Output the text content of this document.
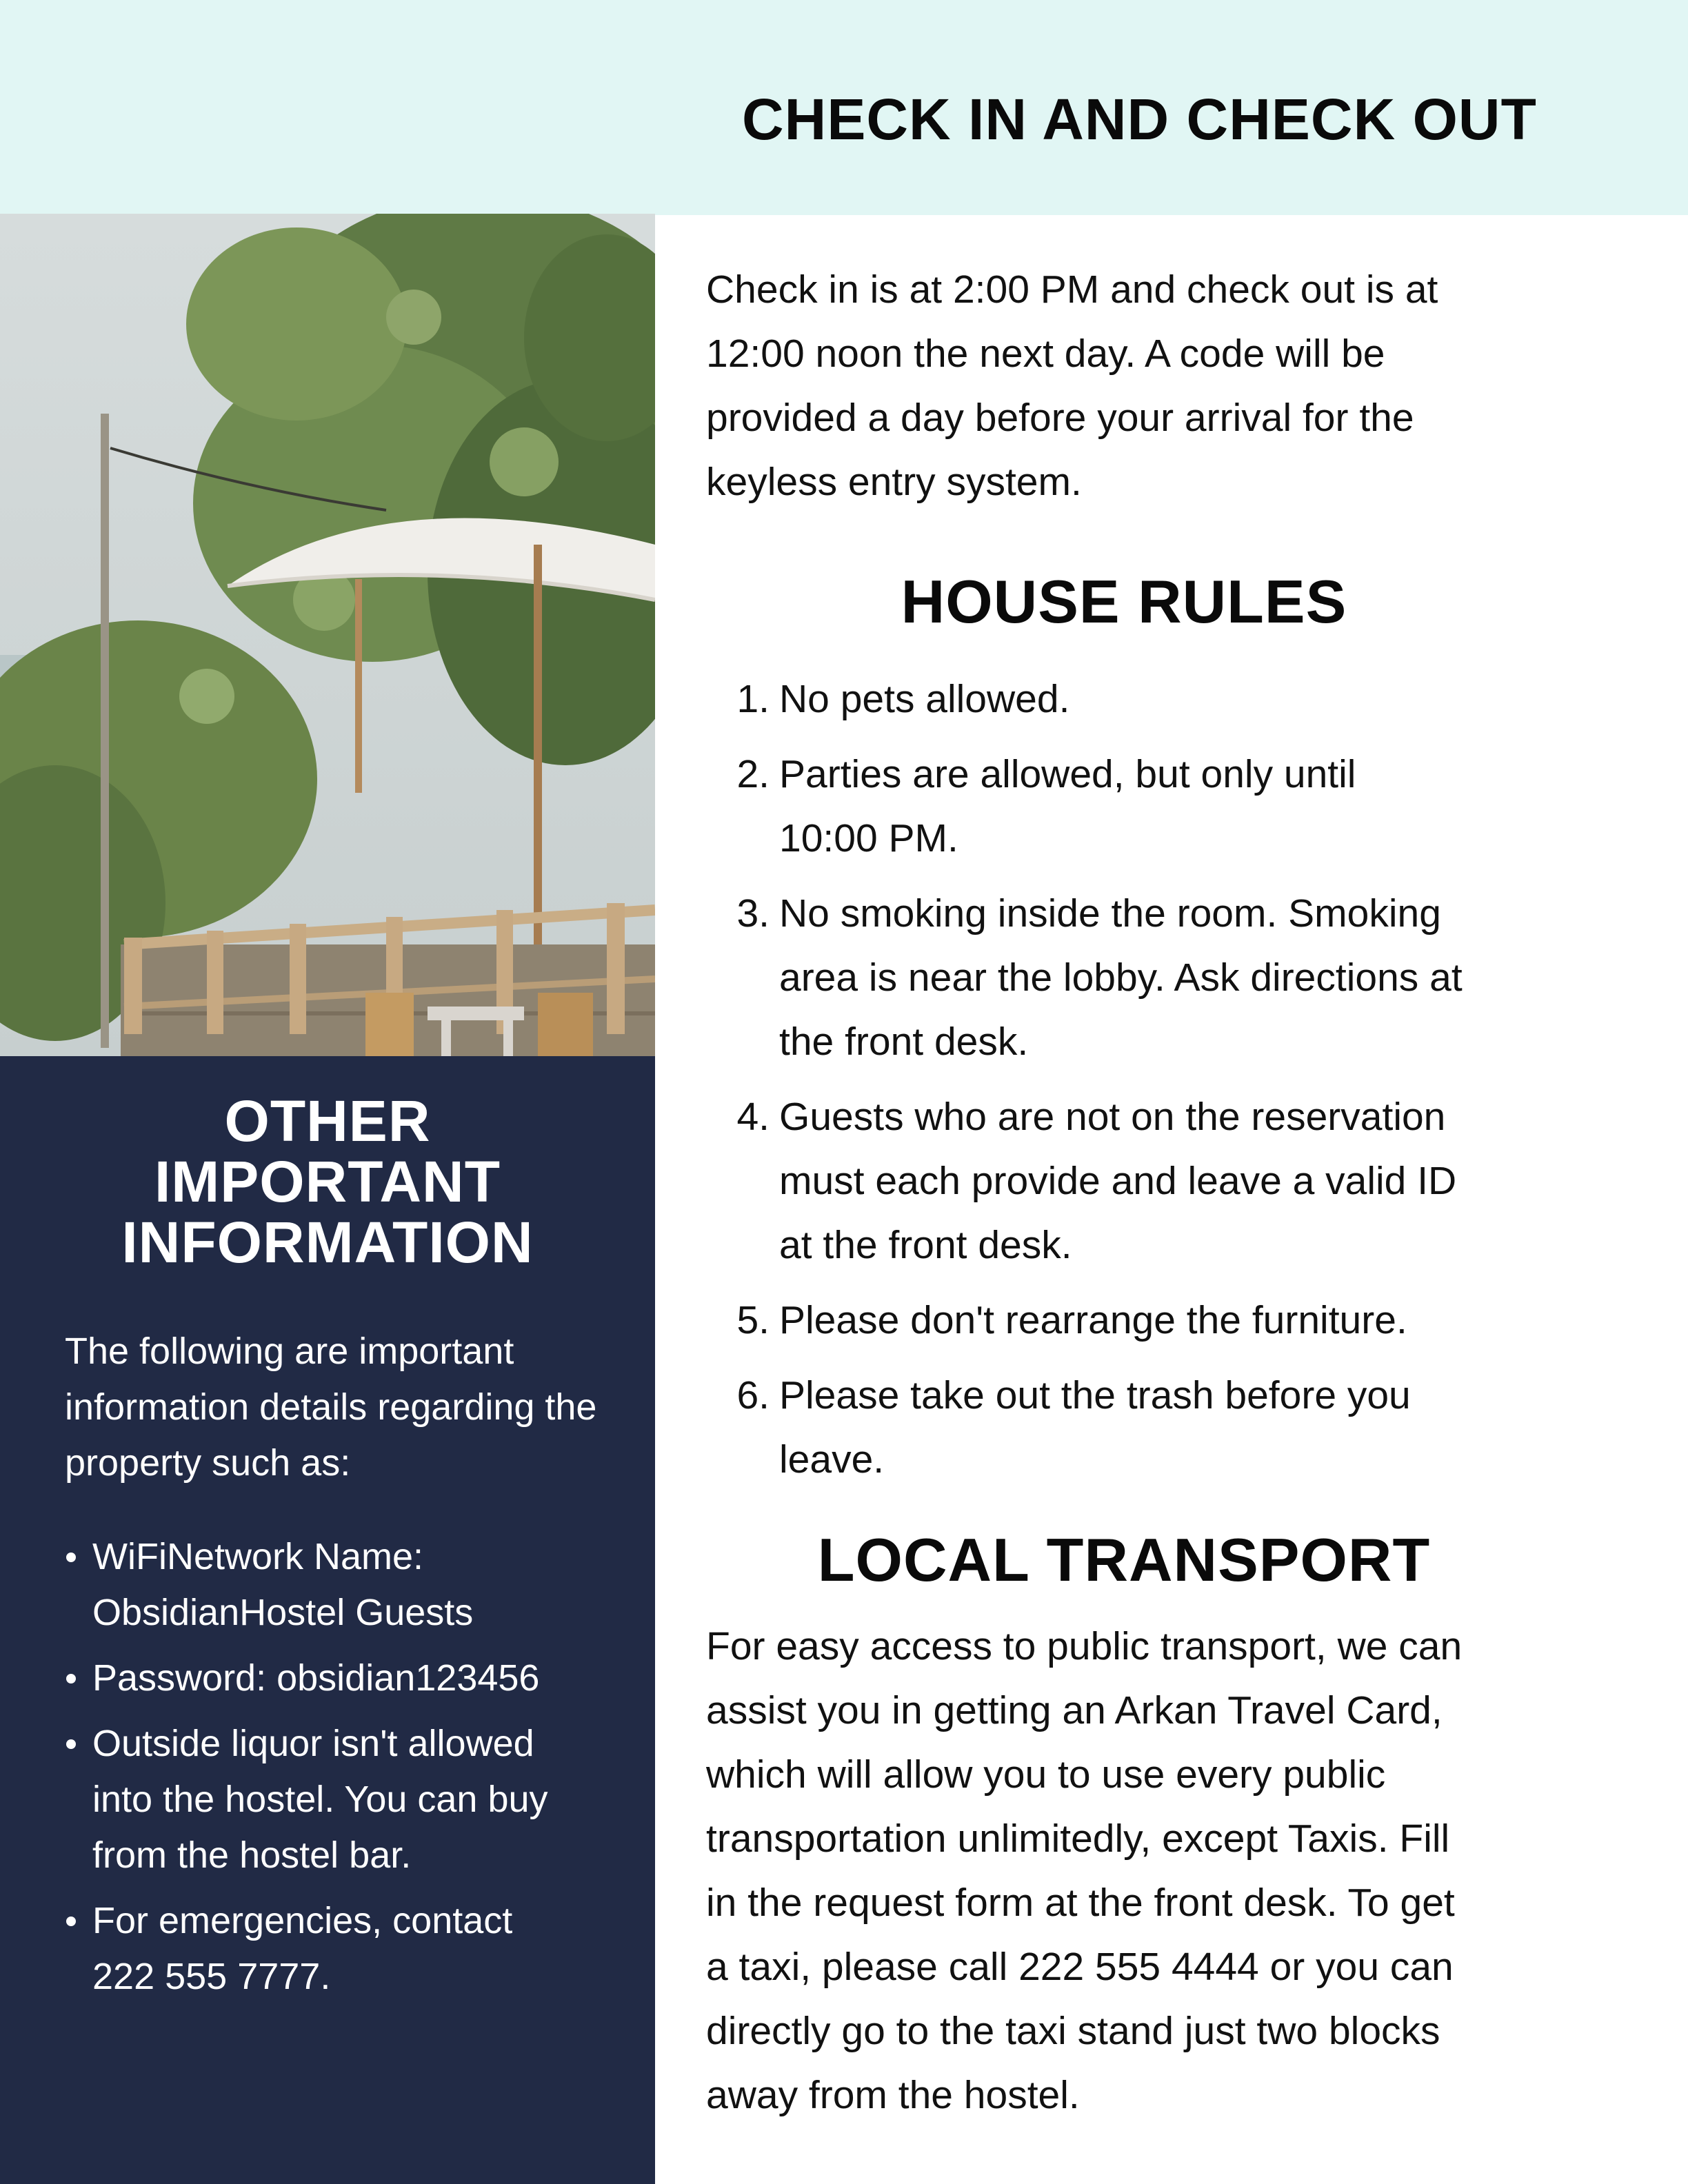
CHECK IN AND CHECK OUT
OTHER
IMPORTANT
INFORMATION

The following are important information details regarding the property such as:

WiFiNetwork Name:
ObsidianHostel Guests
Password: obsidian123456
Outside liquor isn't allowed
into the hostel. You can buy
from the hostel bar.
For emergencies, contact
222 555 7777.

Check in is at 2:00 PM and check out is at
12:00 noon the next day. A code will be
provided a day before your arrival for the
keyless entry system.

HOUSE RULES
1. No pets allowed.
2. Parties are allowed, but only until
10:00 PM.
3. No smoking inside the room. Smoking
area is near the lobby. Ask directions at
the front desk.
4. Guests who are not on the reservation
must each provide and leave a valid ID
at the front desk.
5. Please don't rearrange the furniture.
6. Please take out the trash before you
leave.
LOCAL TRANSPORT

For easy access to public transport, we can
assist you in getting an Arkan Travel Card,
which will allow you to use every public
transportation unlimitedly, except Taxis. Fill
in the request form at the front desk. To get
a taxi, please call 222 555 4444 or you can
directly go to the taxi stand just two blocks
away from the hostel.
